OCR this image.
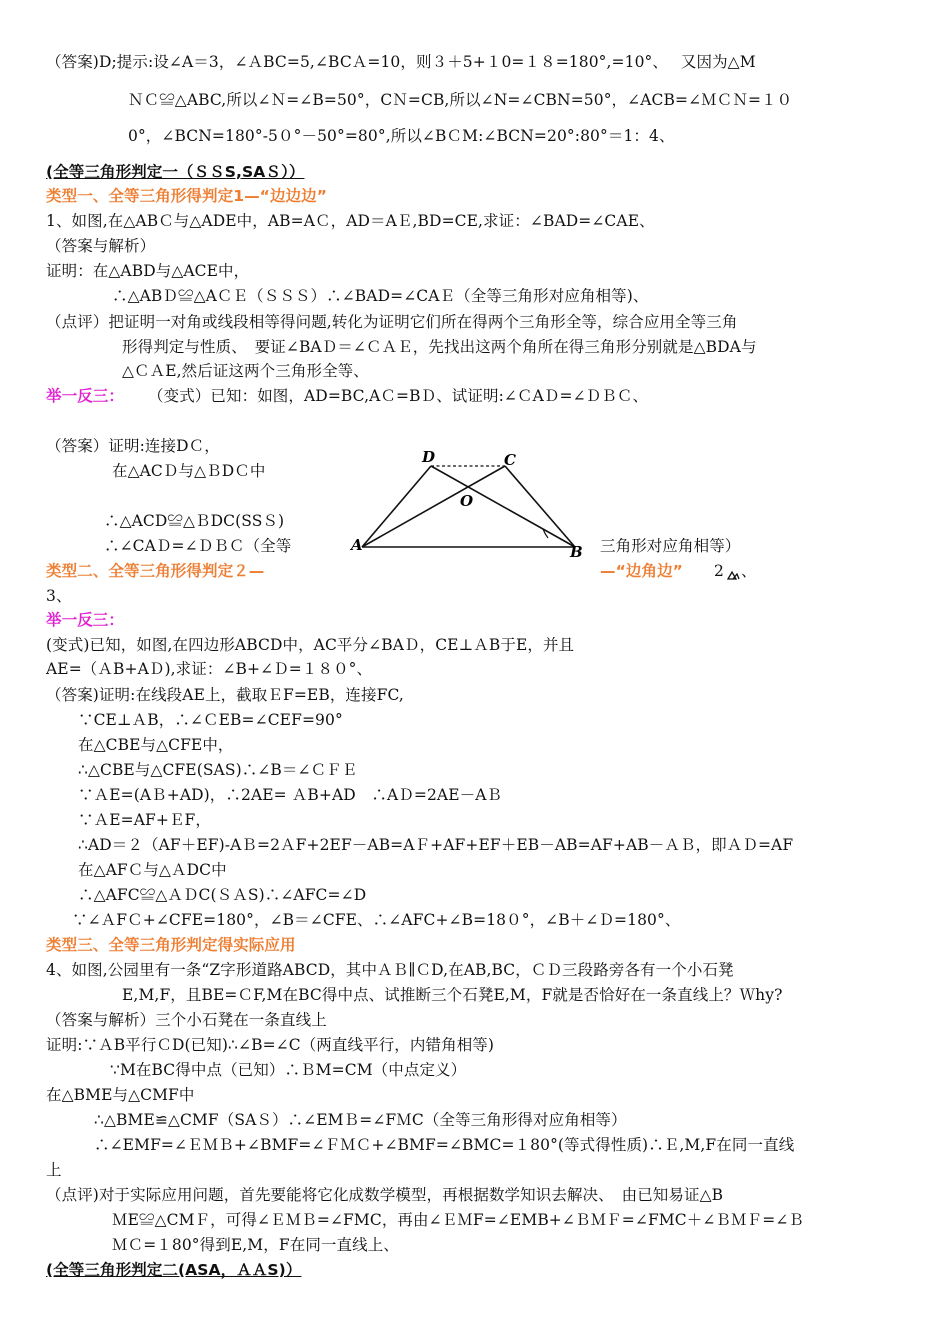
（答案)D;提示:设∠A＝3，∠ＡBC=5,∠BCＡ=10，则３＋5+１0=１８=180°,=10°、　 又因为△M
ＮＣ≌△ABC,所以∠Ｎ=∠B=50°，CＮ=CB,所以∠N=∠CBN=50°，∠ACB=∠ＭＣＮ=１０
0°，∠BCN=180°-5０°－50°=80°,所以∠BＣM:∠BCN=20°:80°＝1：4、
(全等三角形判定一（ＳＳS,SAＳ））
类型一、全等三角形得判定1—“边边边”
1、如图,在△ABＣ与△ADE中，AB=AＣ，AD＝AＥ,BD=CE,求证：∠BAD=∠CAE、
（答案与解析）
证明：在△ABD与△ACE中，
∴△ABＤ≌△AＣＥ（ＳＳＳ）∴∠BAD=∠CAＥ（全等三角形对应角相等)、
（点评）把证明一对角或线段相等得问题,转化为证明它们所在得两个三角形全等，综合应用全等三角
形得判定与性质、　要证∠BAＤ＝∠ＣＡＥ，先找出这两个角所在得三角形分别就是△BDA与
△ＣＡE,然后证这两个三角形全等、
举一反三： （变式）已知：如图，AD=BC,AＣ=BＤ、试证明:∠ＣAＤ=∠ＤＢＣ、
（答案）证明:连接DＣ，
在△ACＤ与△ＢDＣ中
∴△ACD≌△ＢDC(SSＳ)
∴∠CAＤ=∠ＤＢＣ（全等	三角形对应角相等）
D	C
O
A	B
类型二、全等三角形得判定２—	—“边角边” 2 、
3、
举一反三：
(变式)已知，如图,在四边形ABCD中，AC平分∠BAＤ，CE⊥ＡB于E，并且
AE=（ＡB+AＤ),求证：∠B+∠Ｄ=１８０°、
（答案)证明:在线段AE上，截取ＥF=EB，连接FC,
∵CE⊥ＡB，∴∠ＣEB=∠CEF=90°
在△CBE与△CFE中，
∴△CBE与△CFE(SAS)∴∠B＝∠ＣＦＥ
∵ＡE=(AＢ+AD)，∴2AE= ＡB+AD　∴AＤ=2AE－AＢ
∵ＡE=AF+ＥF，
∴AD＝２（AF＋EF)-AＢ=2ＡF+2EF－AB=AＦ+AF+EF＋EB－AB=AF+AB－ＡＢ，即ＡＤ=AF
在△AFＣ与△ＡDC中
∴△AFC≌△ＡＤC(ＳＡS)∴∠AFC=∠D
∵∠ＡFＣ+∠CFE=180°，∠B＝∠CFE、∴∠AFC+∠B=18０°，∠B＋∠Ｄ=180°、
类型三、全等三角形判定得实际应用
4、如图,公园里有一条“Z字形道路ABCD，其中ＡＢ∥ＣD,在AB,BC，ＣＤ三段路旁各有一个小石凳
E,M,F，且BE=ＣF,M在BC得中点、试推断三个石凳E,M，F就是否恰好在一条直线上？Ｗhy?
（答案与解析）三个小石凳在一条直线上
证明:∵ＡB平行ＣD(已知)∴∠B=∠C（两直线平行，内错角相等)
∵M在BC得中点（已知）∴ＢM=CM（中点定义）
在△BME与△CMF中
∴△BME≌△CMF（SAＳ）∴∠EMＢ=∠FＭC（全等三角形得对应角相等）
∴∠EMF=∠ＥＭＢ+∠BMF=∠ＦＭＣ+∠BMF=∠BMC=１80°(等式得性质)∴Ｅ,M,F在同一直线
上
（点评)对于实际应用问题，首先要能将它化成数学模型，再根据数学知识去解决、　由已知易证△B
ＭE≌△CMＦ，可得∠ＥＭＢ=∠FMC，再由∠ＥＭF=∠EMB+∠ＢＭＦ=∠FMC＋∠ＢＭＦ=∠Ｂ
ＭＣ=１80°得到E,M，F在同一直线上、
(全等三角形判定二(ASA，ＡＡS)）
